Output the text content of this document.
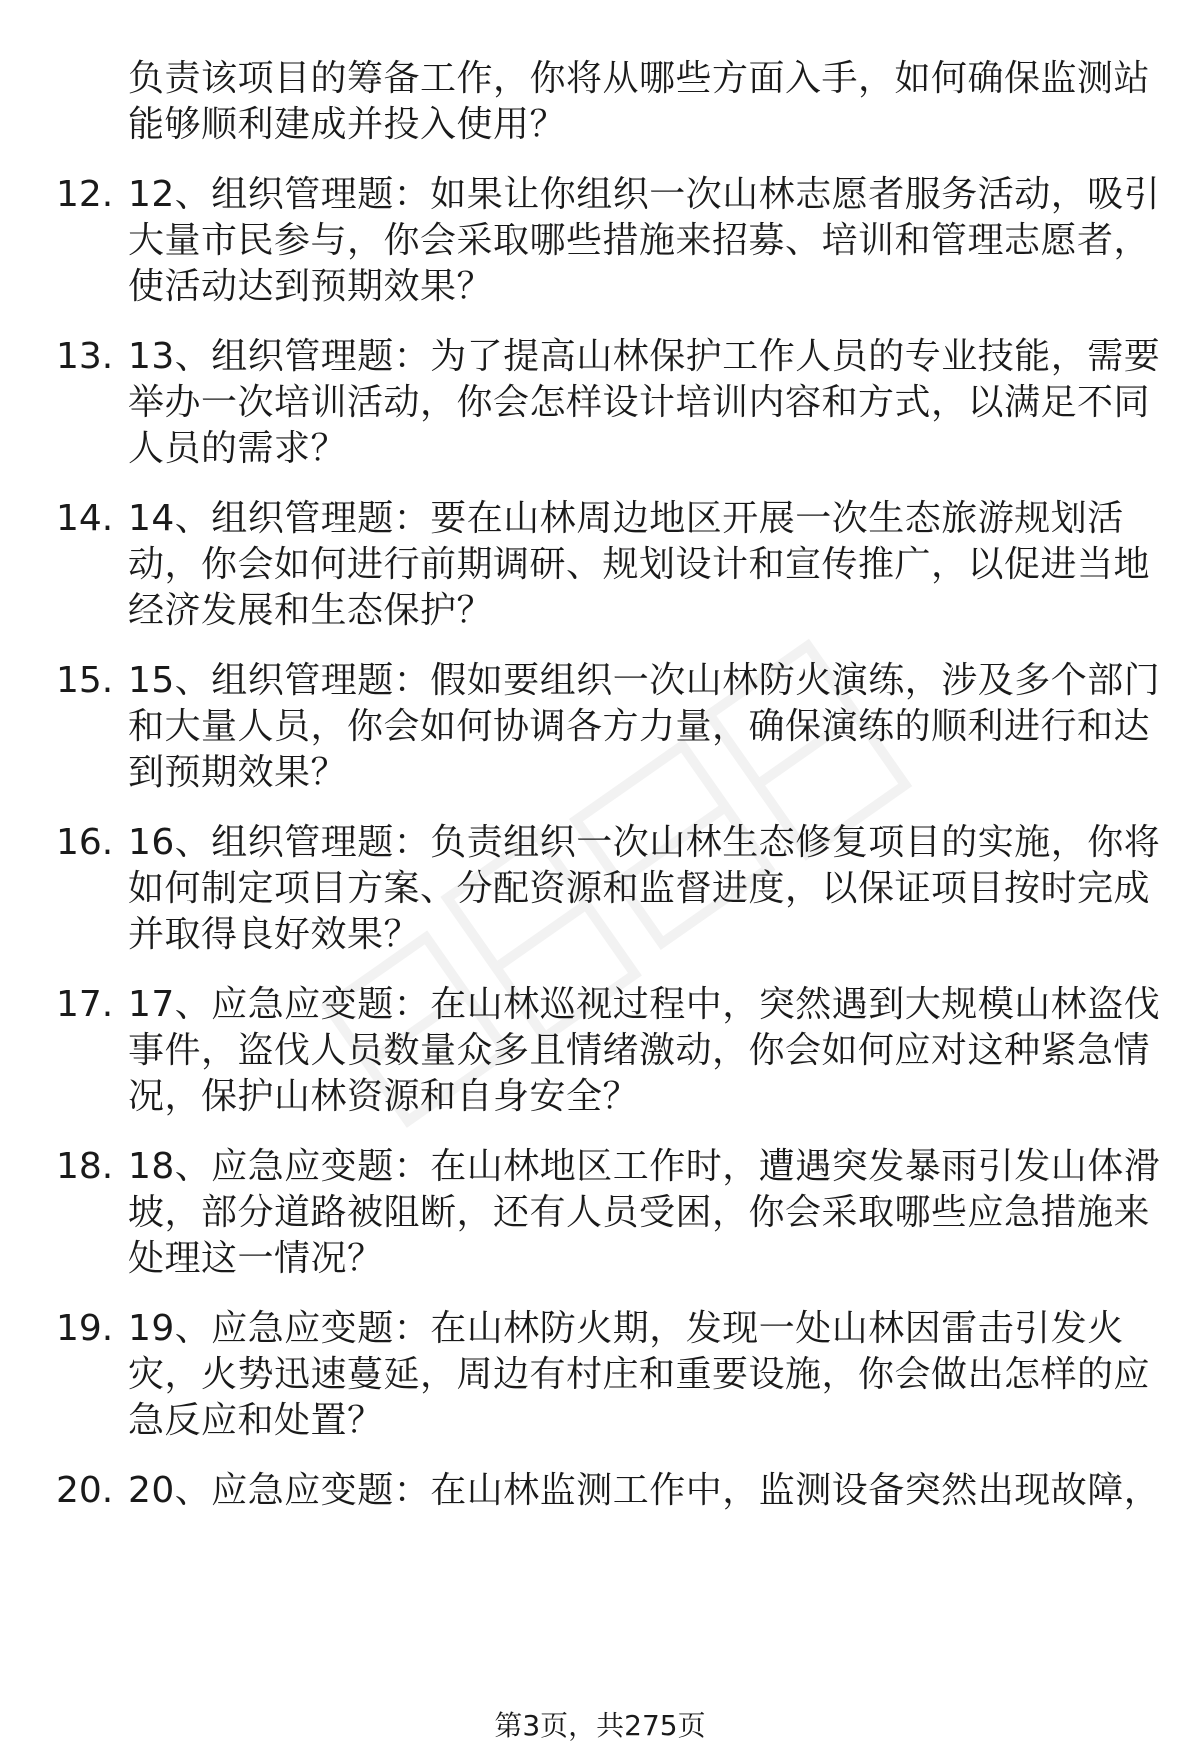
负责该项目的筹备工作，你将从哪些方面入手，如何确保监测站
能够顺利建成并投入使用？
12. 12、组织管理题：如果让你组织一次山林志愿者服务活动，吸引
大量市民参与，你会采取哪些措施来招募、培训和管理志愿者，
使活动达到预期效果？
13. 13、组织管理题：为了提高山林保护工作人员的专业技能，需要
举办一次培训活动，你会怎样设计培训内容和方式，以满足不同
人员的需求？
14. 14、组织管理题：要在山林周边地区开展一次生态旅游规划活
动，你会如何进行前期调研、规划设计和宣传推广，以促进当地
经济发展和生态保护？
15. 15、组织管理题：假如要组织一次山林防火演练，涉及多个部门
和大量人员，你会如何协调各方力量，确保演练的顺利进行和达
到预期效果？
16. 16、组织管理题：负责组织一次山林生态修复项目的实施，你将
如何制定项目方案、分配资源和监督进度，以保证项目按时完成
并取得良好效果？
17. 17、应急应变题：在山林巡视过程中，突然遇到大规模山林盗伐
事件，盗伐人员数量众多且情绪激动，你会如何应对这种紧急情
况，保护山林资源和自身安全？
18. 18、应急应变题：在山林地区工作时，遭遇突发暴雨引发山体滑
坡，部分道路被阻断，还有人员受困，你会采取哪些应急措施来
处理这一情况？
19. 19、应急应变题：在山林防火期，发现一处山林因雷击引发火
灾，火势迅速蔓延，周边有村庄和重要设施，你会做出怎样的应
急反应和处置？
20. 20、应急应变题：在山林监测工作中，监测设备突然出现故障，
第3页，共275页
